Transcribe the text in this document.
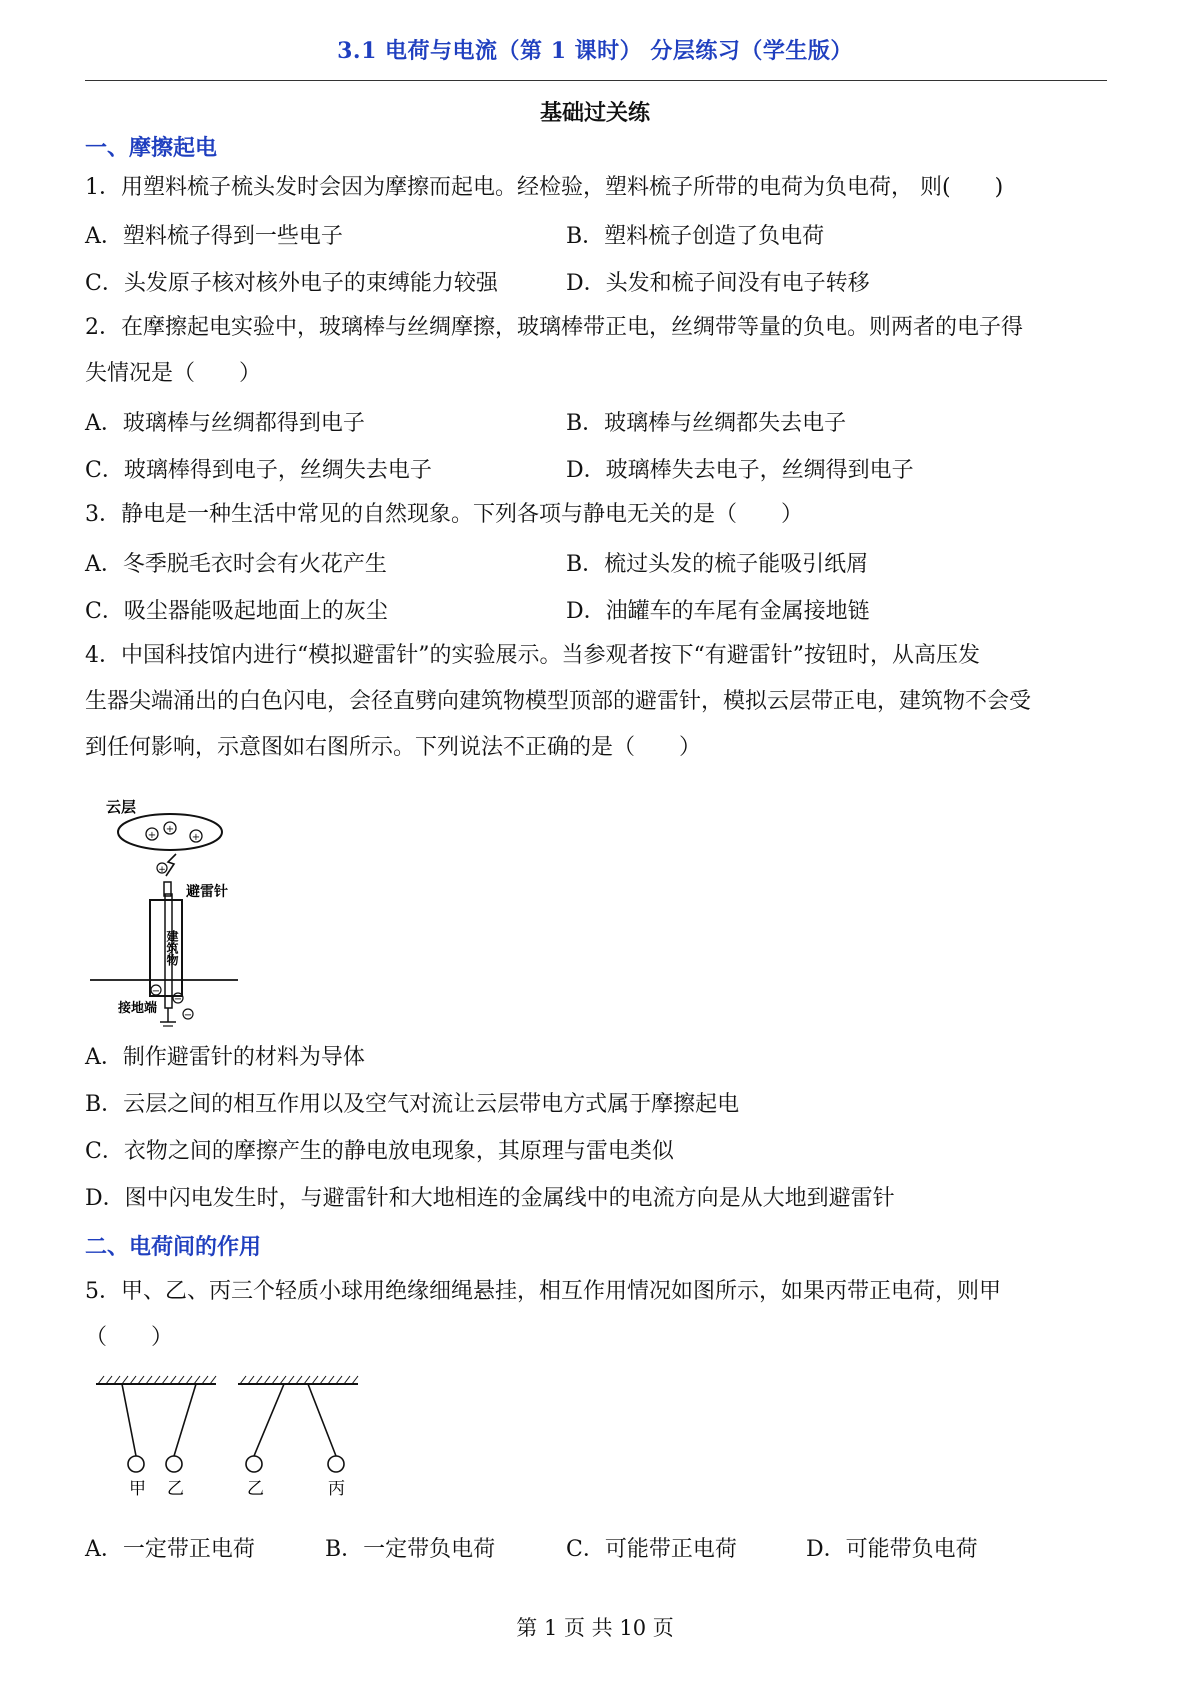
3.1 电荷与电流（第 1 课时） 分层练习（学生版）
基础过关练
一、摩擦起电
1．用塑料梳子梳头发时会因为摩擦而起电。经检验，塑料梳子所带的电荷为负电荷， 则(　　)
A．塑料梳子得到一些电子	B．塑料梳子创造了负电荷
C．头发原子核对核外电子的束缚能力较强	D．头发和梳子间没有电子转移
2．在摩擦起电实验中，玻璃棒与丝绸摩擦，玻璃棒带正电，丝绸带等量的负电。则两者的电子得
失情况是（　　）
A．玻璃棒与丝绸都得到电子	B．玻璃棒与丝绸都失去电子
C．玻璃棒得到电子，丝绸失去电子	D．玻璃棒失去电子，丝绸得到电子
3．静电是一种生活中常见的自然现象。下列各项与静电无关的是（　　）
A．冬季脱毛衣时会有火花产生	B．梳过头发的梳子能吸引纸屑
C．吸尘器能吸起地面上的灰尘	D．油罐车的车尾有金属接地链
4．中国科技馆内进行“模拟避雷针”的实验展示。当参观者按下“有避雷针”按钮时，从高压发
生器尖端涌出的白色闪电，会径直劈向建筑物模型顶部的避雷针，模拟云层带正电，建筑物不会受
到任何影响，示意图如右图所示。下列说法不正确的是（　　）
云层
+
+
+
+
避雷针
建筑物
−
−
−
接地端
A．制作避雷针的材料为导体
B．云层之间的相互作用以及空气对流让云层带电方式属于摩擦起电
C．衣物之间的摩擦产生的静电放电现象，其原理与雷电类似
D．图中闪电发生时，与避雷针和大地相连的金属线中的电流方向是从大地到避雷针
二、电荷间的作用
5．甲、乙、丙三个轻质小球用绝缘细绳悬挂，相互作用情况如图所示，如果丙带正电荷，则甲
（　　）
甲 乙	乙	丙
A．一定带正电荷	B．一定带负电荷	C．可能带正电荷	D．可能带负电荷
第 1 页 共 10 页
